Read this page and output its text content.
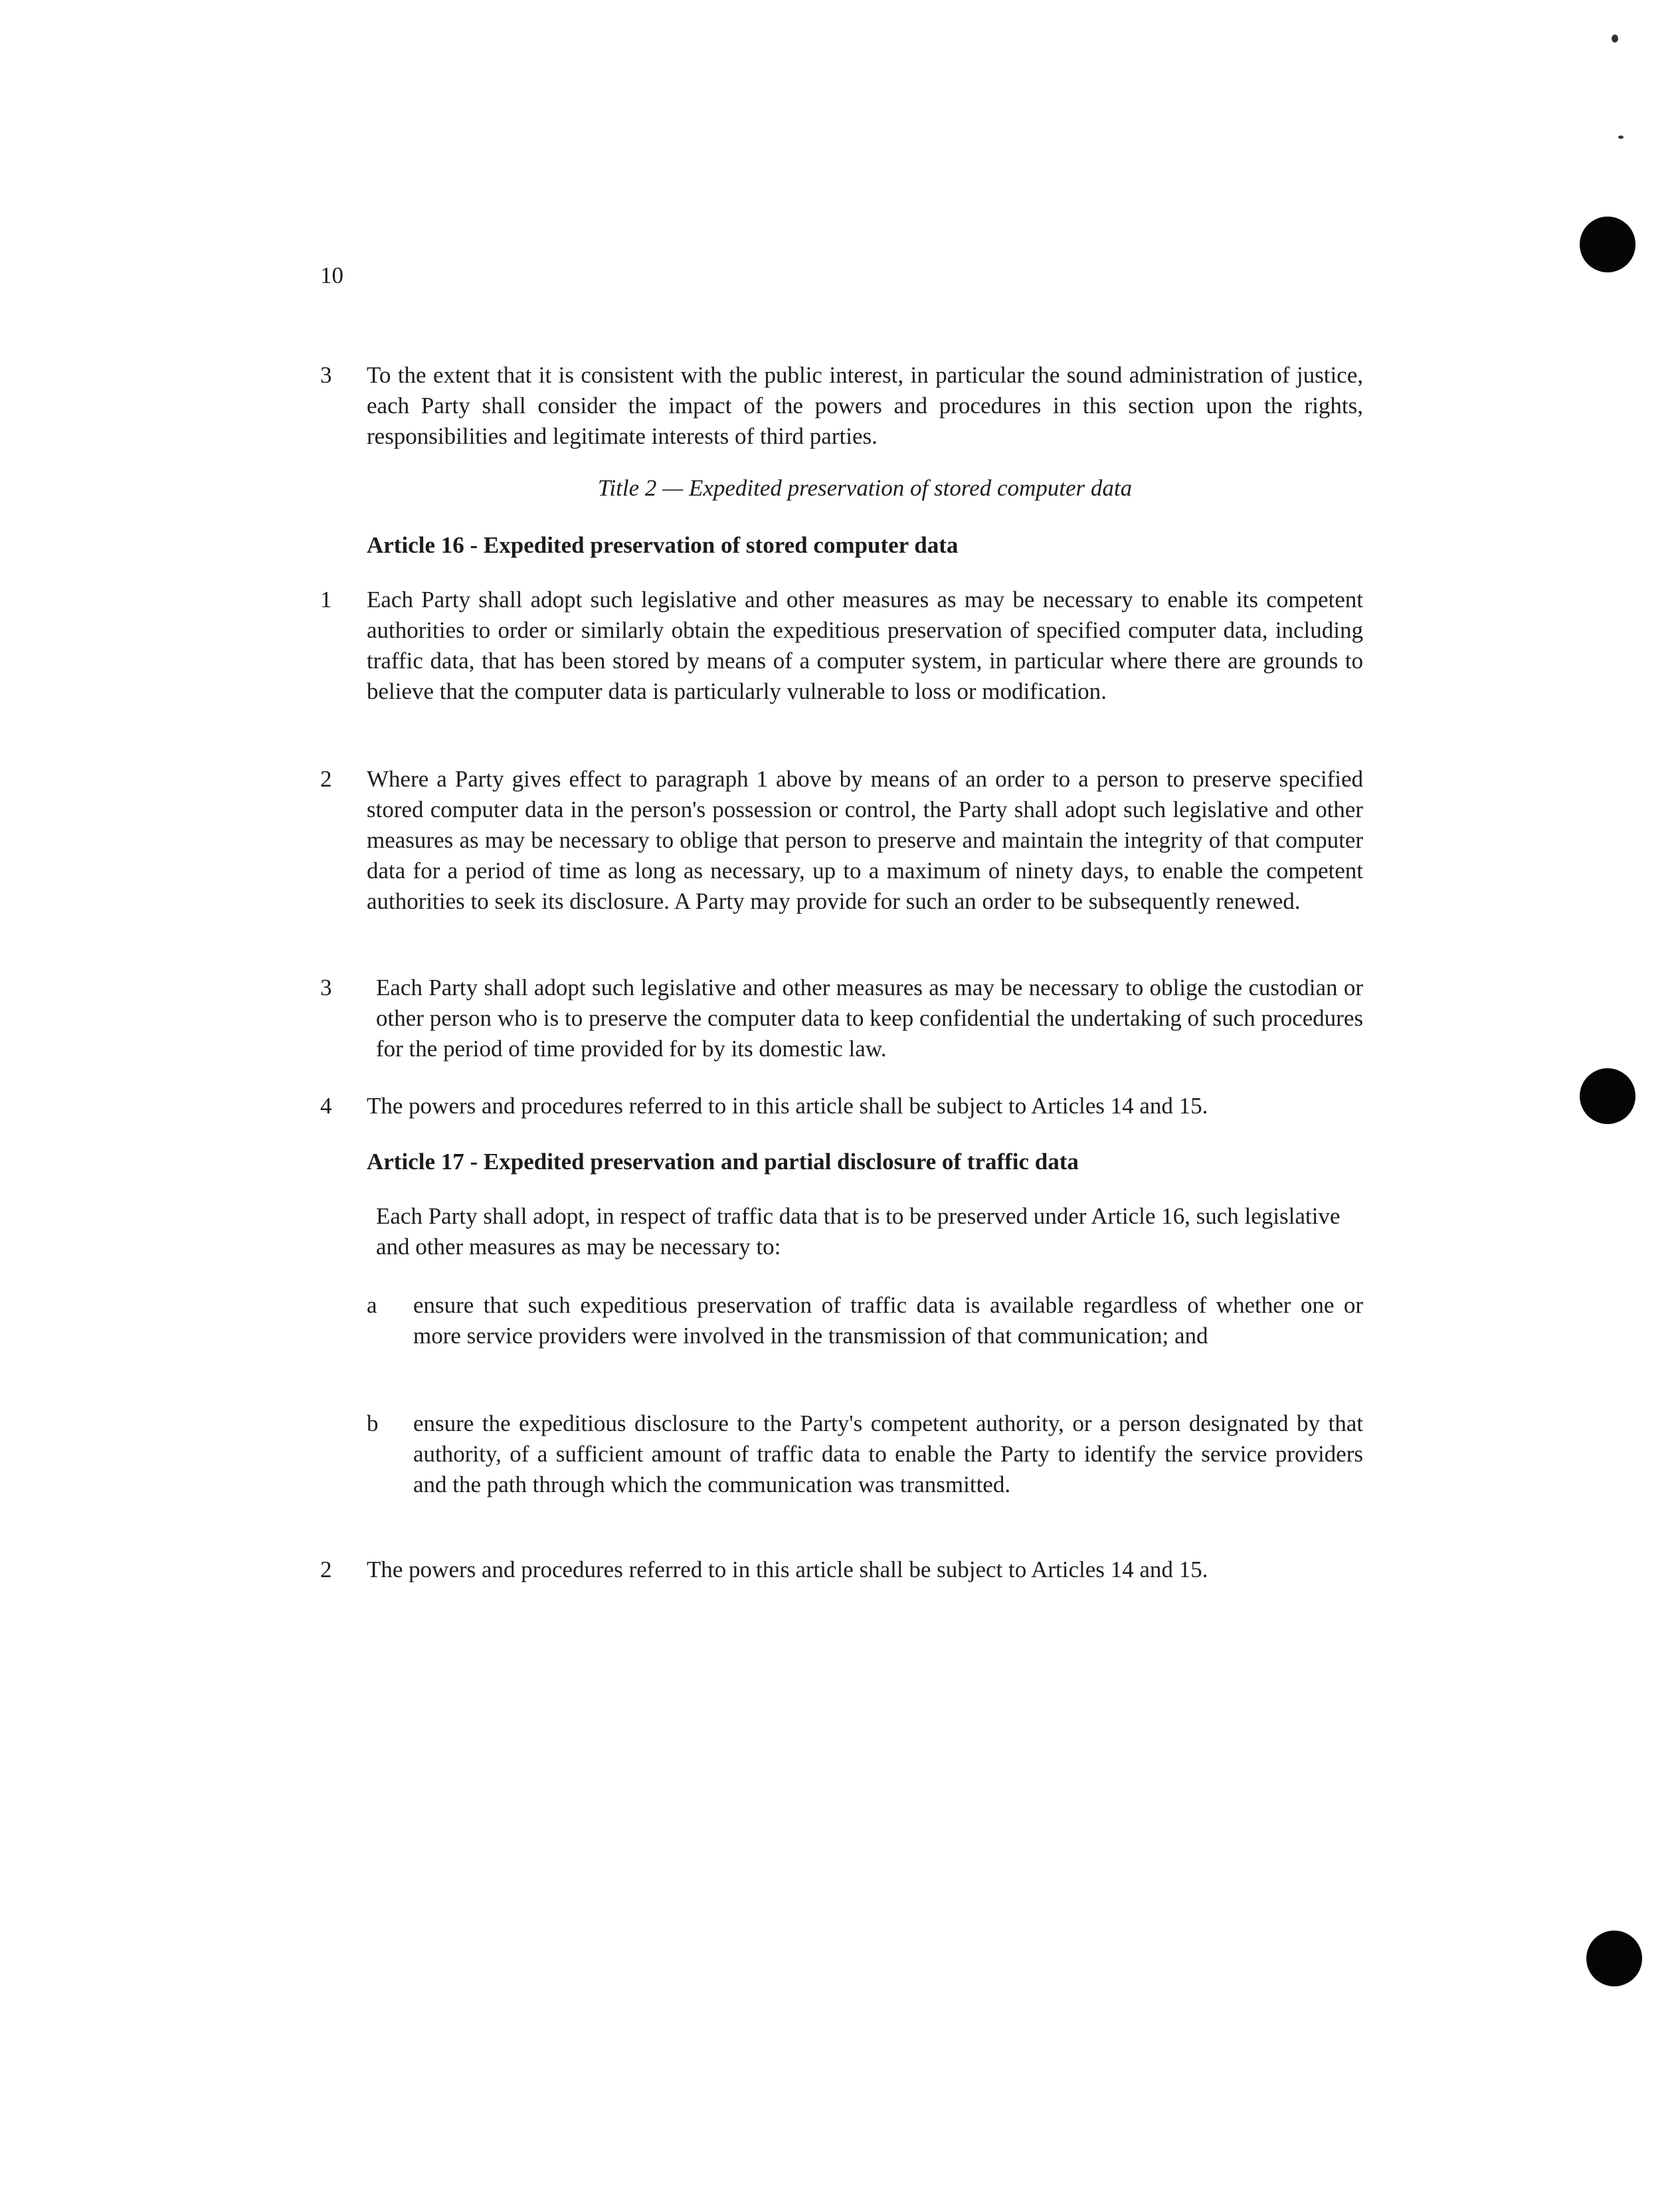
10
3 To the extent that it is consistent with the public interest, in particular the sound administration of justice, each Party shall consider the impact of the powers and procedures in this section upon the rights, responsibilities and legitimate interests of third parties.
Title 2 — Expedited preservation of stored computer data
Article 16 - Expedited preservation of stored computer data
1 Each Party shall adopt such legislative and other measures as may be necessary to enable its competent authorities to order or similarly obtain the expeditious preservation of specified computer data, including traffic data, that has been stored by means of a computer system, in particular where there are grounds to believe that the computer data is particularly vulnerable to loss or modification.
2 Where a Party gives effect to paragraph 1 above by means of an order to a person to preserve specified stored computer data in the person's possession or control, the Party shall adopt such legislative and other measures as may be necessary to oblige that person to preserve and maintain the integrity of that computer data for a period of time as long as necessary, up to a maximum of ninety days, to enable the competent authorities to seek its disclosure. A Party may provide for such an order to be subsequently renewed.
3 Each Party shall adopt such legislative and other measures as may be necessary to oblige the custodian or other person who is to preserve the computer data to keep confidential the undertaking of such procedures for the period of time provided for by its domestic law.
4 The powers and procedures referred to in this article shall be subject to Articles 14 and 15.
Article 17 - Expedited preservation and partial disclosure of traffic data
Each Party shall adopt, in respect of traffic data that is to be preserved under Article 16, such legislative and other measures as may be necessary to:
a ensure that such expeditious preservation of traffic data is available regardless of whether one or more service providers were involved in the transmission of that communication; and
b ensure the expeditious disclosure to the Party's competent authority, or a person designated by that authority, of a sufficient amount of traffic data to enable the Party to identify the service providers and the path through which the communication was transmitted.
2 The powers and procedures referred to in this article shall be subject to Articles 14 and 15.
